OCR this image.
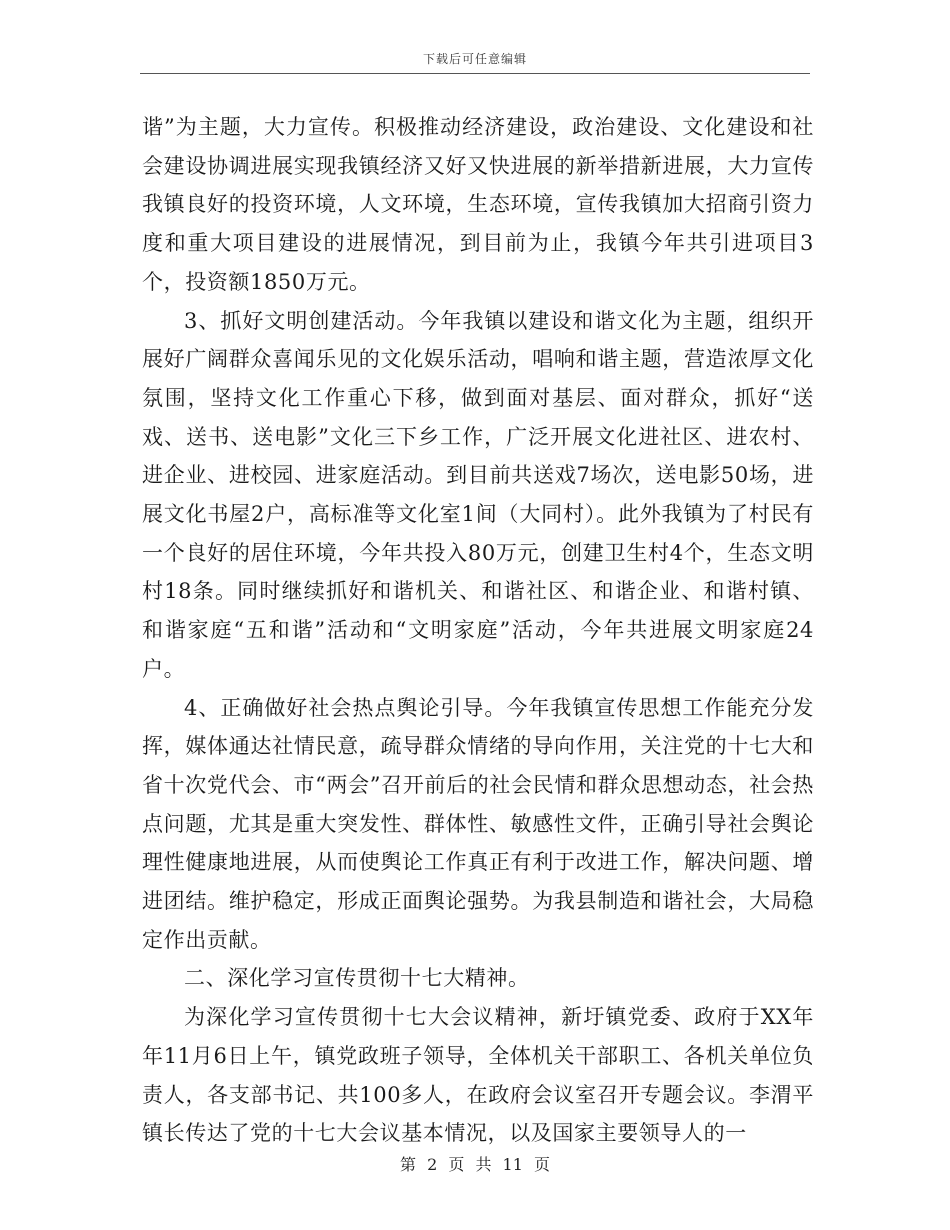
下载后可任意编辑

谐”为主题，大力宣传。积极推动经济建设，政治建设、文化建设和社会建设协调进展实现我镇经济又好又快进展的新举措新进展，大力宣传我镇良好的投资环境，人文环境，生态环境，宣传我镇加大招商引资力度和重大项目建设的进展情况，到目前为止，我镇今年共引进项目3个，投资额1850万元。

3、抓好文明创建活动。今年我镇以建设和谐文化为主题，组织开展好广阔群众喜闻乐见的文化娱乐活动，唱响和谐主题，营造浓厚文化氛围，坚持文化工作重心下移，做到面对基层、面对群众，抓好“送戏、送书、送电影”文化三下乡工作，广泛开展文化进社区、进农村、进企业、进校园、进家庭活动。到目前共送戏7场次，送电影50场，进展文化书屋2户，高标准等文化室1间（大同村）。此外我镇为了村民有一个良好的居住环境，今年共投入80万元，创建卫生村4个，生态文明村18条。同时继续抓好和谐机关、和谐社区、和谐企业、和谐村镇、和谐家庭“五和谐”活动和“文明家庭”活动，今年共进展文明家庭24户。

4、正确做好社会热点舆论引导。今年我镇宣传思想工作能充分发挥，媒体通达社情民意，疏导群众情绪的导向作用，关注党的十七大和省十次党代会、市“两会”召开前后的社会民情和群众思想动态，社会热点问题，尤其是重大突发性、群体性、敏感性文件，正确引导社会舆论理性健康地进展，从而使舆论工作真正有利于改进工作，解决问题、增进团结。维护稳定，形成正面舆论强势。为我县制造和谐社会，大局稳定作出贡献。

二、深化学习宣传贯彻十七大精神。

为深化学习宣传贯彻十七大会议精神，新圩镇党委、政府于XX年年11月6日上午，镇党政班子领导，全体机关干部职工、各机关单位负责人，各支部书记、共100多人，在政府会议室召开专题会议。李渭平镇长传达了党的十七大会议基本情况，以及国家主要领导人的一

第 2 页 共 11 页
